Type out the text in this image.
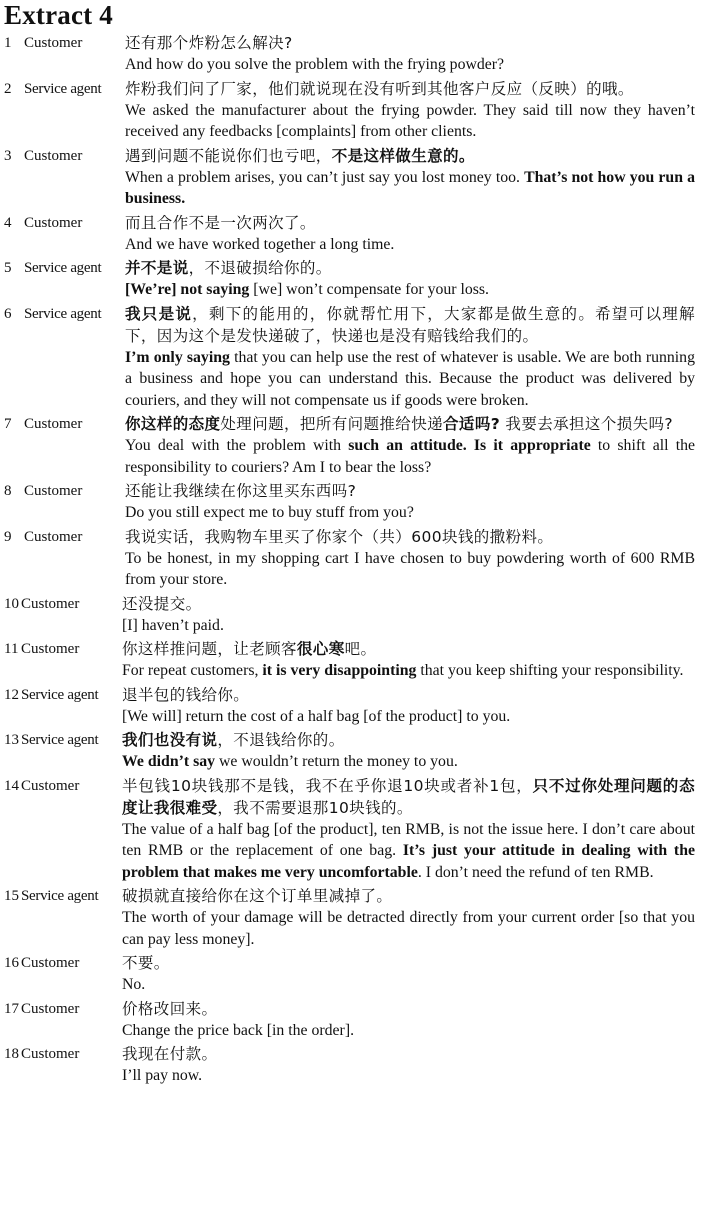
Extract 4
1 Customer	还有那个炸粉怎么解决?
And how do you solve the problem with the frying powder?
2 Service agent	炸粉我们问了厂家，他们就说现在没有听到其他客户反应（反映）的哦。
We asked the manufacturer about the frying powder. They said till now they haven’t received any feedbacks [complaints] from other clients.
3 Customer	遇到问题不能说你们也亏吧，不是这样做生意的。
When a problem arises, you can’t just say you lost money too. That’s not how you run a business.
4 Customer	而且合作不是一次两次了。
And we have worked together a long time.
5 Service agent	并不是说，不退破损给你的。
[We’re] not saying [we] won’t compensate for your loss.
6 Service agent	我只是说，剩下的能用的，你就帮忙用下，大家都是做生意的。希望可以理解下，因为这个是发快递破了，快递也是没有赔钱给我们的。
I’m only saying that you can help use the rest of whatever is usable. We are both running a business and hope you can understand this. Because the product was delivered by couriers, and they will not compensate us if goods were broken.
7 Customer	你这样的态度处理问题，把所有问题推给快递合适吗? 我要去承担这个损失吗?
You deal with the problem with such an attitude. Is it appropriate to shift all the responsibility to couriers? Am I to bear the loss?
8 Customer	还能让我继续在你这里买东西吗?
Do you still expect me to buy stuff from you?
9 Customer	我说实话，我购物车里买了你家个（共）600块钱的撒粉料。
To be honest, in my shopping cart I have chosen to buy powdering worth of 600 RMB from your store.
10 Customer	还没提交。
[I] haven’t paid.
11 Customer	你这样推问题，让老顾客很心寒吧。
For repeat customers, it is very disappointing that you keep shifting your responsibility.
12 Service agent	退半包的钱给你。
[We will] return the cost of a half bag [of the product] to you.
13 Service agent	我们也没有说，不退钱给你的。
We didn’t say we wouldn’t return the money to you.
14 Customer	半包钱10块钱那不是钱，我不在乎你退10块或者补1包，只不过你处理问题的态度让我很难受，我不需要退那10块钱的。
The value of a half bag [of the product], ten RMB, is not the issue here. I don’t care about ten RMB or the replacement of one bag. It’s just your attitude in dealing with the problem that makes me very uncomfortable. I don’t need the refund of ten RMB.
15 Service agent	破损就直接给你在这个订单里减掉了。
The worth of your damage will be detracted directly from your current order [so that you can pay less money].
16 Customer	不要。
No.
17 Customer	价格改回来。
Change the price back [in the order].
18 Customer	我现在付款。
I’ll pay now.
